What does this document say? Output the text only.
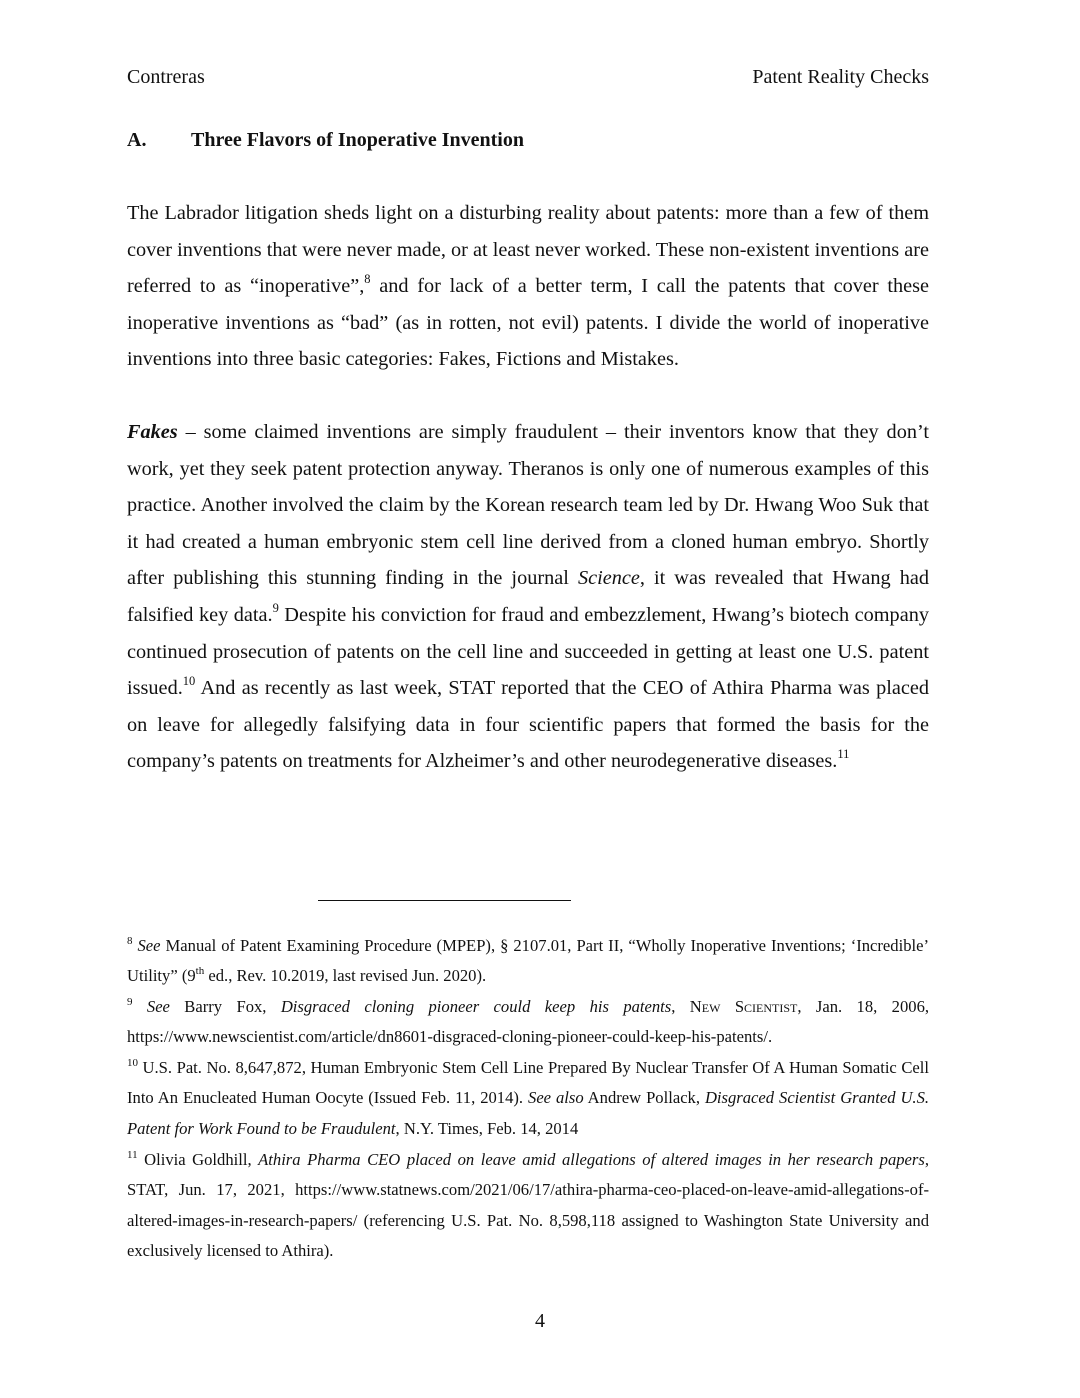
Contreras	Patent Reality Checks
A.	Three Flavors of Inoperative Invention

The Labrador litigation sheds light on a disturbing reality about patents: more than a few of them cover inventions that were never made, or at least never worked. These non-existent inventions are referred to as “inoperative”,$^8$ and for lack of a better term, I call the patents that cover these inoperative inventions as “bad” (as in rotten, not evil) patents. I divide the world of inoperative inventions into three basic categories: Fakes, Fictions and Mistakes.

Fakes – some claimed inventions are simply fraudulent – their inventors know that they don’t work, yet they seek patent protection anyway. Theranos is only one of numerous examples of this practice. Another involved the claim by the Korean research team led by Dr. Hwang Woo Suk that it had created a human embryonic stem cell line derived from a cloned human embryo. Shortly after publishing this stunning finding in the journal Science, it was revealed that Hwang had falsified key data.$^9$ Despite his conviction for fraud and embezzlement, Hwang’s biotech company continued prosecution of patents on the cell line and succeeded in getting at least one U.S. patent issued.$^{10}$ And as recently as last week, STAT reported that the CEO of Athira Pharma was placed on leave for allegedly falsifying data in four scientific papers that formed the basis for the company’s patents on treatments for Alzheimer’s and other neurodegenerative diseases.$^{11}$

$^8$ See Manual of Patent Examining Procedure (MPEP), § 2107.01, Part II, “Wholly Inoperative Inventions; ‘Incredible’ Utility” (9th ed., Rev. 10.2019, last revised Jun. 2020).

$^9$ See Barry Fox, Disgraced cloning pioneer could keep his patents, New Scientist, Jan. 18, 2006, https://www.newscientist.com/article/dn8601-disgraced-cloning-pioneer-could-keep-his-patents/.

$^{10}$ U.S. Pat. No. 8,647,872, Human Embryonic Stem Cell Line Prepared By Nuclear Transfer Of A Human Somatic Cell Into An Enucleated Human Oocyte (Issued Feb. 11, 2014). See also Andrew Pollack, Disgraced Scientist Granted U.S. Patent for Work Found to be Fraudulent, N.Y. Times, Feb. 14, 2014

$^{11}$ Olivia Goldhill, Athira Pharma CEO placed on leave amid allegations of altered images in her research papers, STAT, Jun. 17, 2021, https://www.statnews.com/2021/06/17/athira-pharma-ceo-placed-on-leave-amid-allegations-of-altered-images-in-research-papers/ (referencing U.S. Pat. No. 8,598,118 assigned to Washington State University and exclusively licensed to Athira).

4
